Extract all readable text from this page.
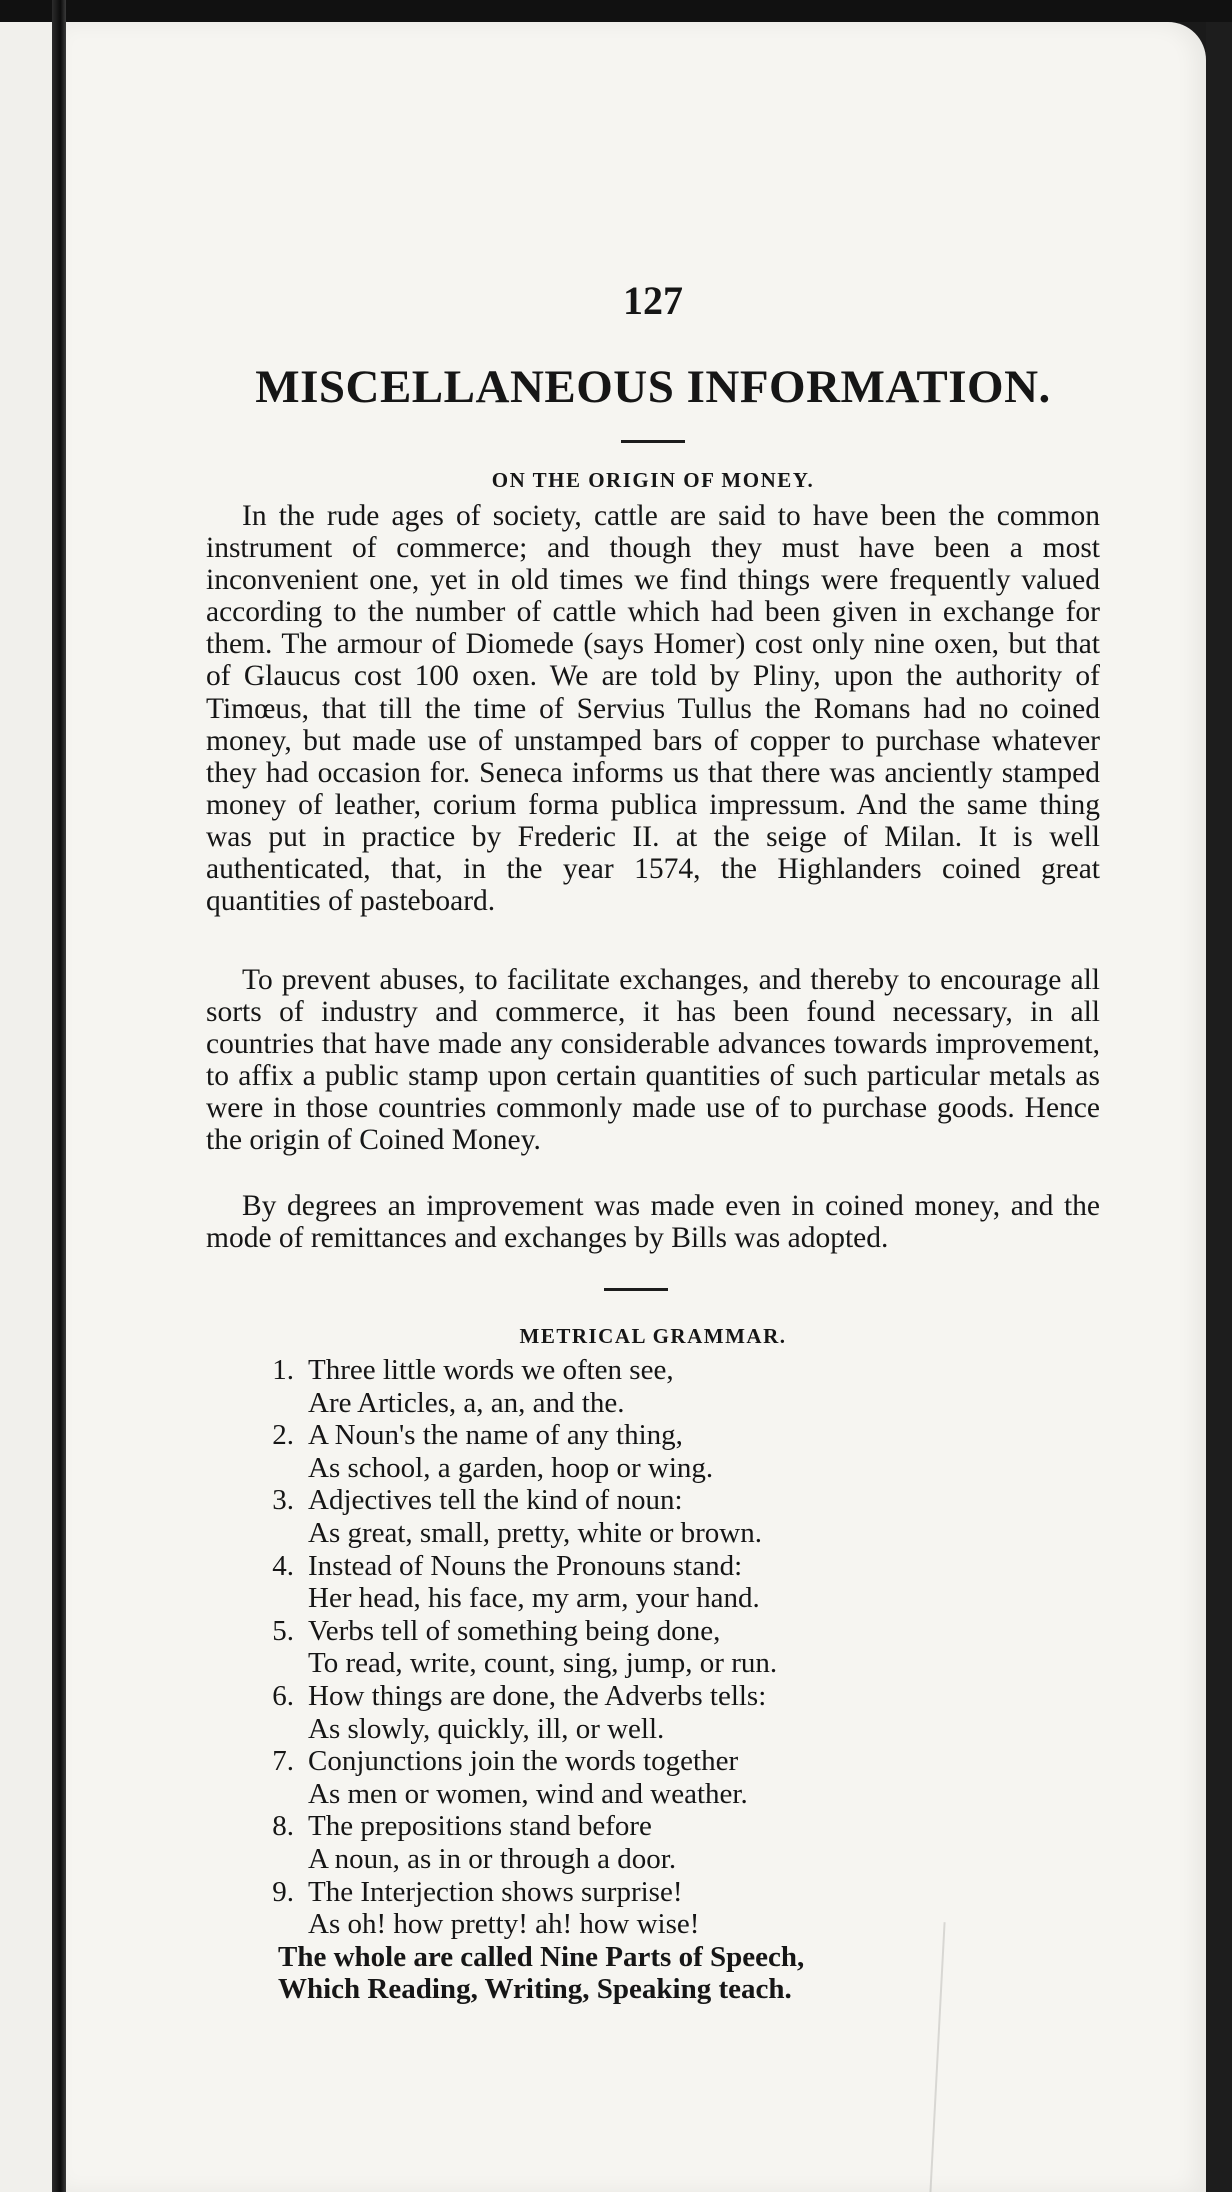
127
MISCELLANEOUS INFORMATION.
ON THE ORIGIN OF MONEY.
In the rude ages of society, cattle are said to have been the common instrument of commerce; and though they must have been a most inconvenient one, yet in old times we find things were frequently valued according to the number of cattle which had been given in exchange for them. The armour of Diomede (says Homer) cost only nine oxen, but that of Glaucus cost 100 oxen. We are told by Pliny, upon the authority of Timœus, that till the time of Servius Tullus the Romans had no coined money, but made use of unstamped bars of copper to purchase whatever they had occasion for. Seneca informs us that there was anciently stamped money of leather, corium forma publica impressum. And the same thing was put in practice by Frederic II. at the seige of Milan. It is well authenticated, that, in the year 1574, the Highlanders coined great quantities of pasteboard.
To prevent abuses, to facilitate exchanges, and thereby to encourage all sorts of industry and commerce, it has been found necessary, in all countries that have made any considerable advances towards improvement, to affix a public stamp upon certain quantities of such particular metals as were in those countries commonly made use of to purchase goods. Hence the origin of Coined Money.
By degrees an improvement was made even in coined money, and the mode of remittances and exchanges by Bills was adopted.
METRICAL GRAMMAR.
1. Three little words we often see,
Are Articles, a, an, and the.
2. A Noun's the name of any thing,
As school, a garden, hoop or wing.
3. Adjectives tell the kind of noun:
As great, small, pretty, white or brown.
4. Instead of Nouns the Pronouns stand:
Her head, his face, my arm, your hand.
5. Verbs tell of something being done,
To read, write, count, sing, jump, or run.
6. How things are done, the Adverbs tells:
As slowly, quickly, ill, or well.
7. Conjunctions join the words together
As men or women, wind and weather.
8. The prepositions stand before
A noun, as in or through a door.
9. The Interjection shows surprise!
As oh! how pretty! ah! how wise!
The whole are called Nine Parts of Speech,
Which Reading, Writing, Speaking teach.
